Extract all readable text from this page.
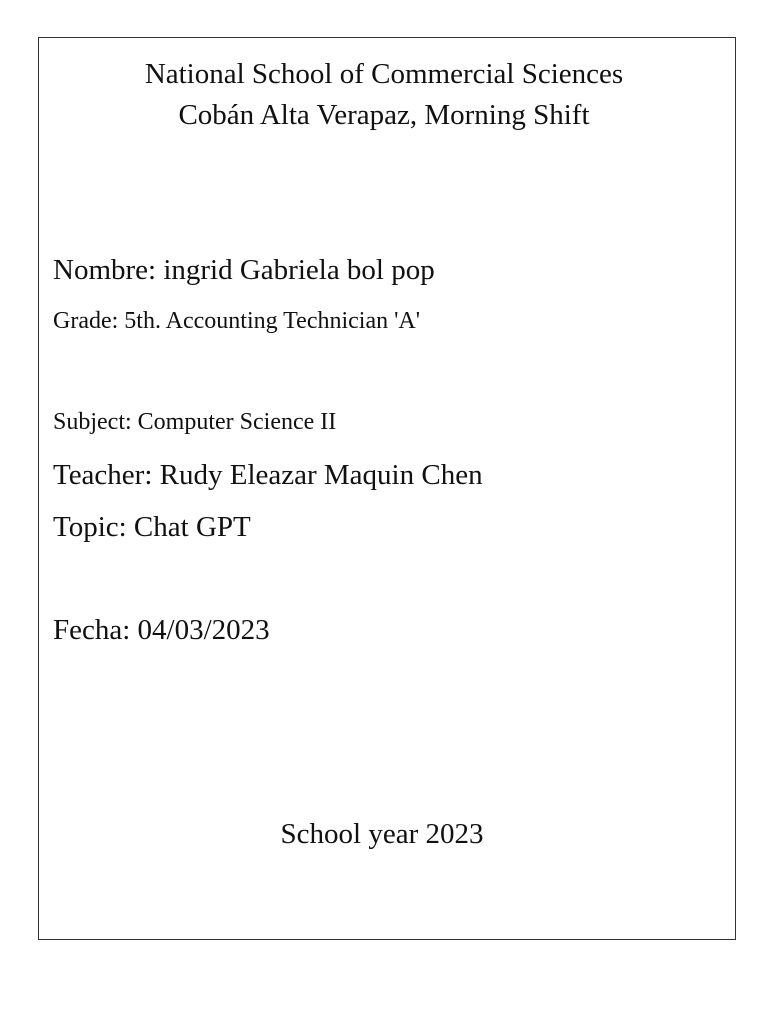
National School of Commercial Sciences
Cobán Alta Verapaz, Morning Shift
Nombre: ingrid Gabriela bol pop
Grade: 5th. Accounting Technician 'A'
Subject: Computer Science II
Teacher: Rudy Eleazar Maquin Chen
Topic: Chat GPT
Fecha: 04/03/2023
School year 2023
